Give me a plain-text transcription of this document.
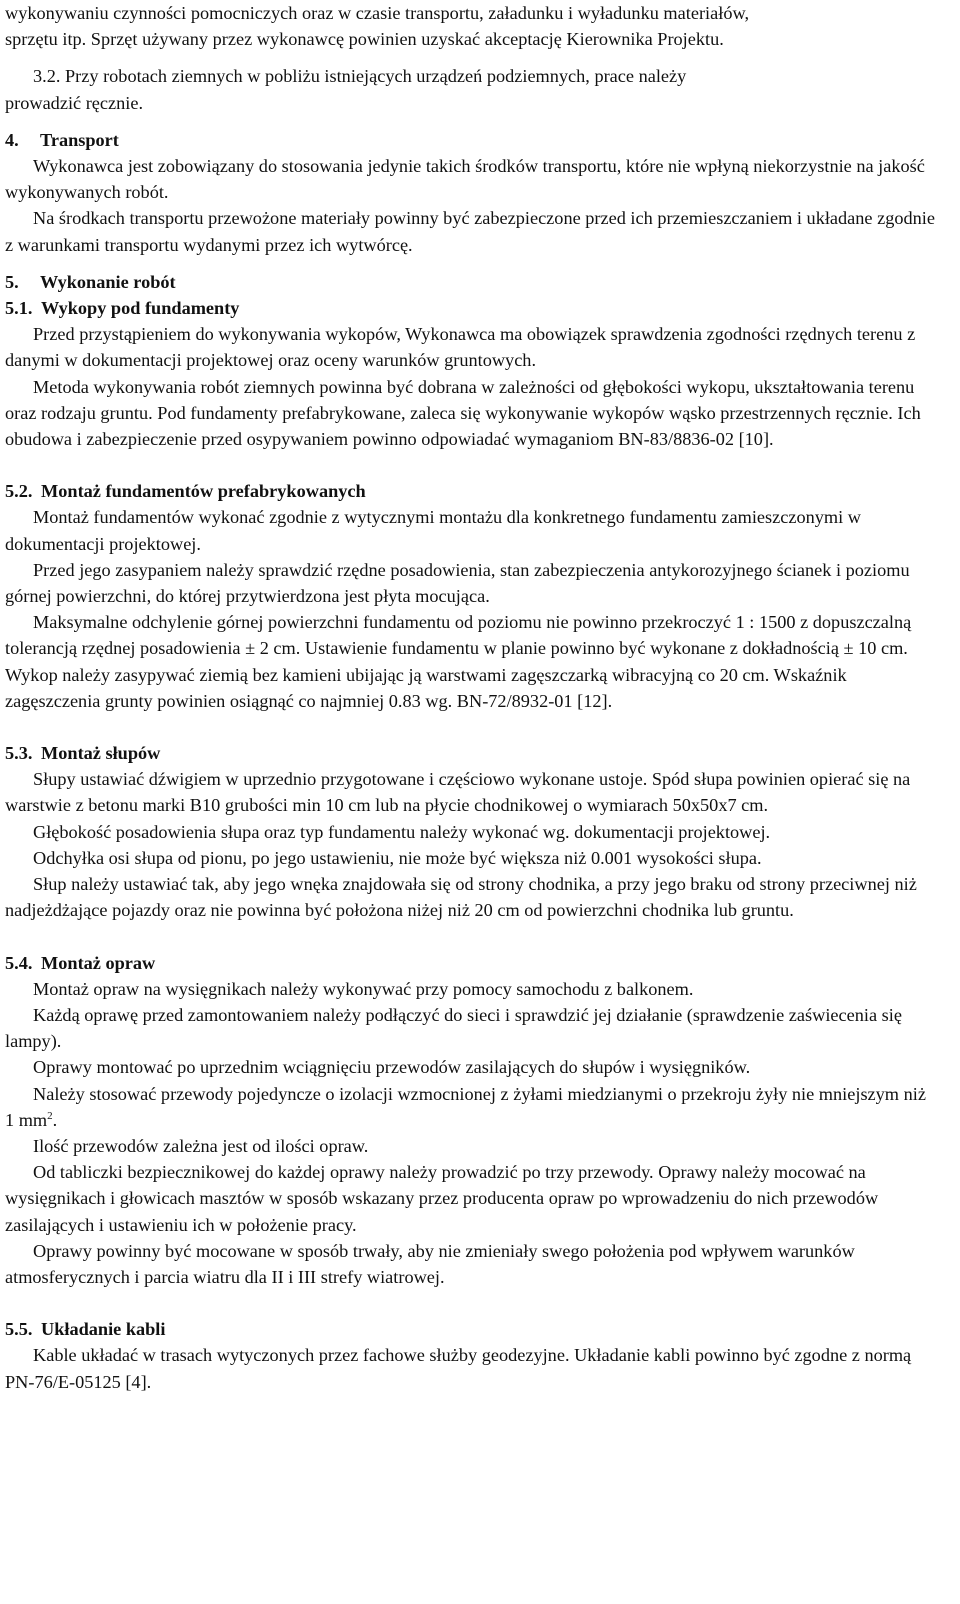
wykonywaniu czynności pomocniczych oraz w czasie transportu, załadunku i wyładunku materiałów,
sprzętu itp. Sprzęt używany przez wykonawcę powinien uzyskać akceptację Kierownika Projektu.

3.2. Przy robotach ziemnych w pobliżu istniejących urządzeń podziemnych, prace należy
prowadzić ręcznie.

4.	Transport

Wykonawca jest zobowiązany do stosowania jedynie takich środków transportu, które nie wpłyną niekorzystnie na jakość wykonywanych robót.

Na środkach transportu przewożone materiały powinny być zabezpieczone przed ich przemieszczaniem i układane zgodnie z warunkami transportu wydanymi przez ich wytwórcę.

5.	Wykonanie robót
5.1. Wykopy pod fundamenty

Przed przystąpieniem do wykonywania wykopów, Wykonawca ma obowiązek sprawdzenia zgodności rzędnych terenu z danymi w dokumentacji projektowej oraz oceny warunków gruntowych.

Metoda wykonywania robót ziemnych powinna być dobrana w zależności od głębokości wykopu, ukształtowania terenu oraz rodzaju gruntu. Pod fundamenty prefabrykowane, zaleca się wykonywanie wykopów wąsko przestrzennych ręcznie. Ich obudowa i zabezpieczenie przed osypywaniem powinno odpowiadać wymaganiom BN-83/8836-02 [10].

5.2. Montaż fundamentów prefabrykowanych

Montaż fundamentów wykonać zgodnie z wytycznymi montażu dla konkretnego fundamentu zamieszczonymi w dokumentacji projektowej.

Przed jego zasypaniem należy sprawdzić rzędne posadowienia, stan zabezpieczenia antykorozyjnego ścianek i poziomu górnej powierzchni, do której przytwierdzona jest płyta mocująca.

Maksymalne odchylenie górnej powierzchni fundamentu od poziomu nie powinno przekroczyć 1 : 1500 z dopuszczalną tolerancją rzędnej posadowienia ± 2 cm. Ustawienie fundamentu w planie powinno być wykonane z dokładnością ± 10 cm. Wykop należy zasypywać ziemią bez kamieni ubijając ją warstwami zagęszczarką wibracyjną co 20 cm. Wskaźnik zagęszczenia grunty powinien osiągnąć co najmniej 0.83 wg. BN-72/8932-01 [12].

5.3. Montaż słupów

Słupy ustawiać dźwigiem w uprzednio przygotowane i częściowo wykonane ustoje. Spód słupa powinien opierać się na warstwie z betonu marki B10 grubości min 10 cm lub na płycie chodnikowej o wymiarach 50x50x7 cm.

Głębokość posadowienia słupa oraz typ fundamentu należy wykonać wg. dokumentacji projektowej.

Odchyłka osi słupa od pionu, po jego ustawieniu, nie może być większa niż 0.001 wysokości słupa.

Słup należy ustawiać tak, aby jego wnęka znajdowała się od strony chodnika, a przy jego braku od strony przeciwnej niż nadjeżdżające pojazdy oraz nie powinna być położona niżej niż 20 cm od powierzchni chodnika lub gruntu.

5.4. Montaż opraw

Montaż opraw na wysięgnikach należy wykonywać przy pomocy samochodu z balkonem.

Każdą oprawę przed zamontowaniem należy podłączyć do sieci i sprawdzić jej działanie (sprawdzenie zaświecenia się lampy).

Oprawy montować po uprzednim wciągnięciu przewodów zasilających do słupów i wysięgników.

Należy stosować przewody pojedyncze o izolacji wzmocnionej z żyłami miedzianymi o przekroju żyły nie mniejszym niż 1 $mm^2$.

Ilość przewodów zależna jest od ilości opraw.

Od tabliczki bezpiecznikowej do każdej oprawy należy prowadzić po trzy przewody. Oprawy należy mocować na wysięgnikach i głowicach masztów w sposób wskazany przez producenta opraw po wprowadzeniu do nich przewodów zasilających i ustawieniu ich w położenie pracy.

Oprawy powinny być mocowane w sposób trwały, aby nie zmieniały swego położenia pod wpływem warunków atmosferycznych i parcia wiatru dla II i III strefy wiatrowej.

5.5. Układanie kabli

Kable układać w trasach wytyczonych przez fachowe służby geodezyjne. Układanie kabli powinno być zgodne z normą PN-76/E-05125 [4].
